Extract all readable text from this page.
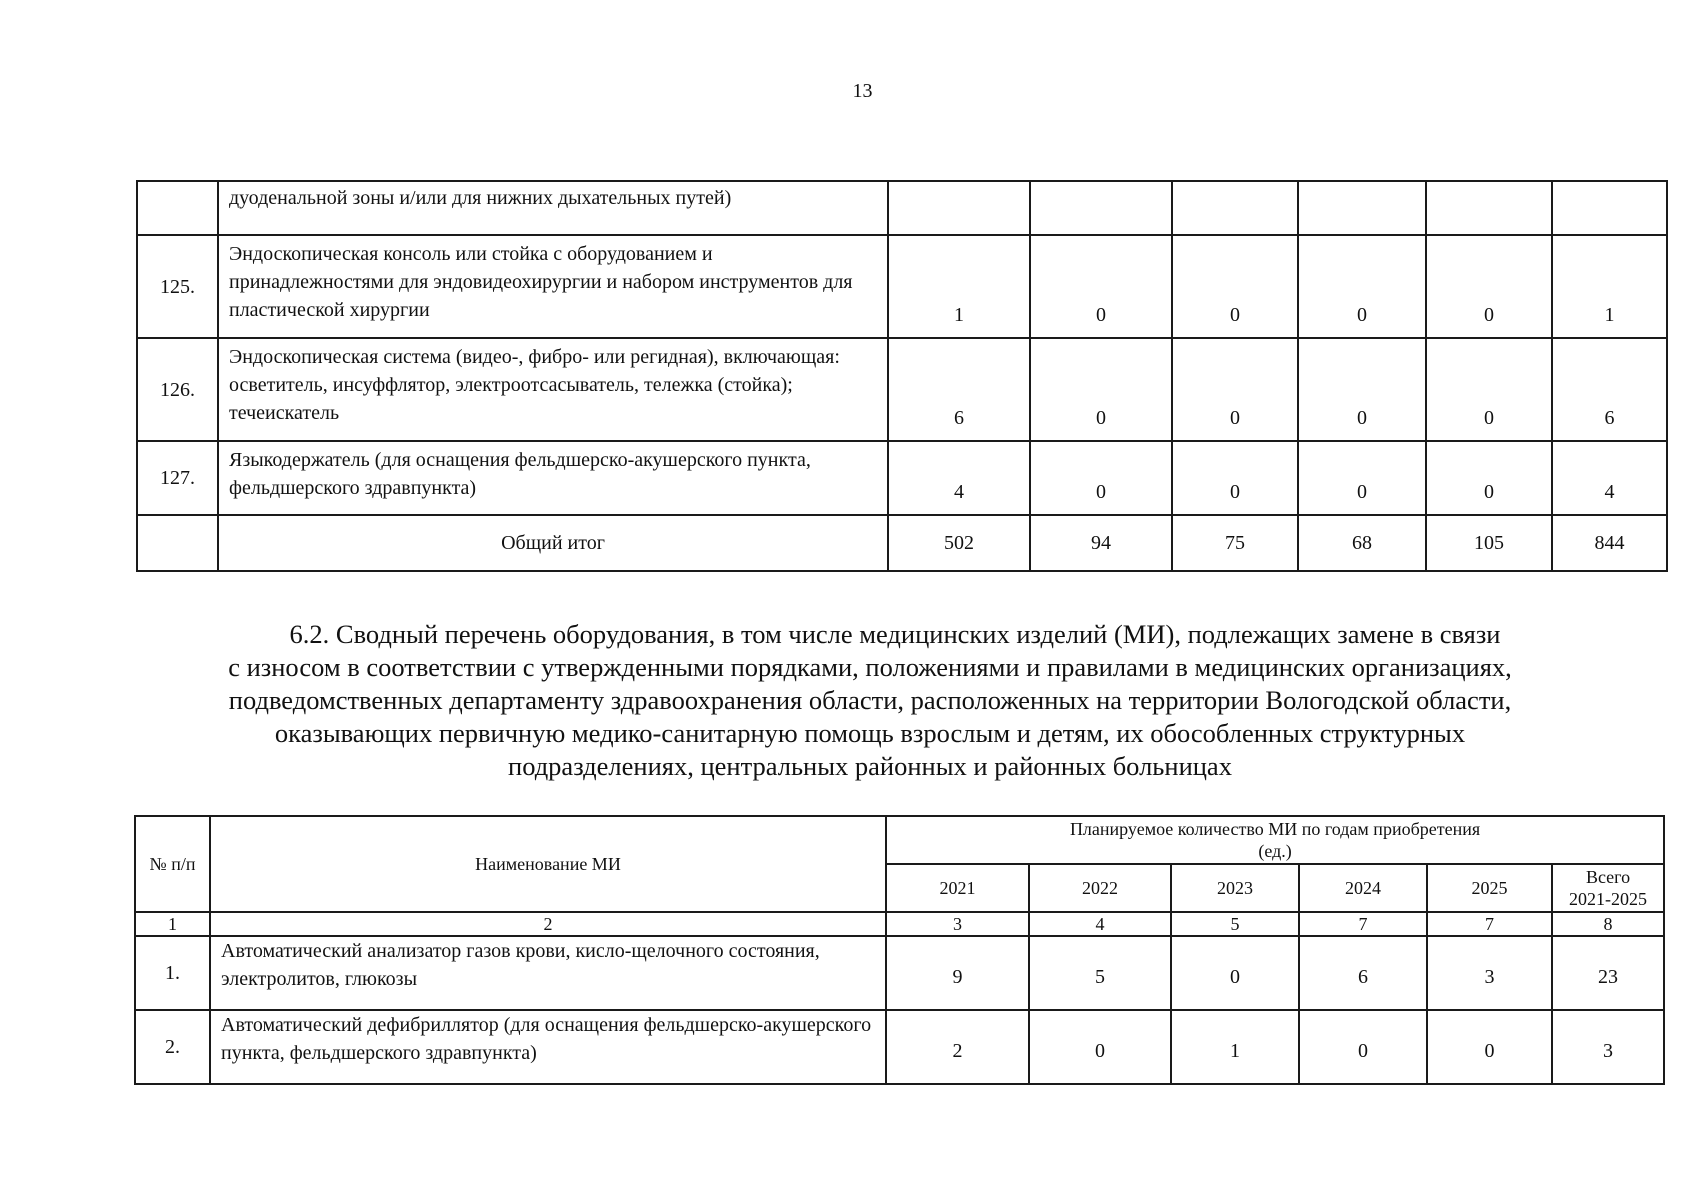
13
	дуоденальной зоны и/или для нижних дыхательных путей)						
125.	Эндоскопическая консоль или стойка с оборудованием и принадлежностями для эндовидеохирургии и набором инструментов для пластической хирургии	1	0	0	0	0	1
126.	Эндоскопическая система (видео-, фибро- или регидная), включающая: осветитель, инсуффлятор, электроотсасыватель, тележка (стойка); течеискатель	6	0	0	0	0	6
127.	Языкодержатель (для оснащения фельдшерско-акушерского пункта, фельдшерского здравпункта)	4	0	0	0	0	4
	Общий итог	502	94	75	68	105	844

6.2. Сводный перечень оборудования, в том числе медицинских изделий (МИ), подлежащих замене в связи

с износом в соответствии с утвержденными порядками, положениями и правилами в медицинских организациях,

подведомственных департаменту здравоохранения области, расположенных на территории Вологодской области,

оказывающих первичную медико-санитарную помощь взрослым и детям, их обособленных структурных

подразделениях, центральных районных и районных больницах

№ п/п	Наименование МИ	Планируемое количество МИ по годам приобретения
(ед.)					

		2021	2022	2023	2024	2025	Всего
2021-2025

1	2	3	4	5	7	7	8
1.	Автоматический анализатор газов крови, кисло-щелочного состояния, электролитов, глюкозы	9	5	0	6	3	23
2.	Автоматический дефибриллятор (для оснащения фельдшерско-акушерского пункта, фельдшерского здравпункта)	2	0	1	0	0	3
